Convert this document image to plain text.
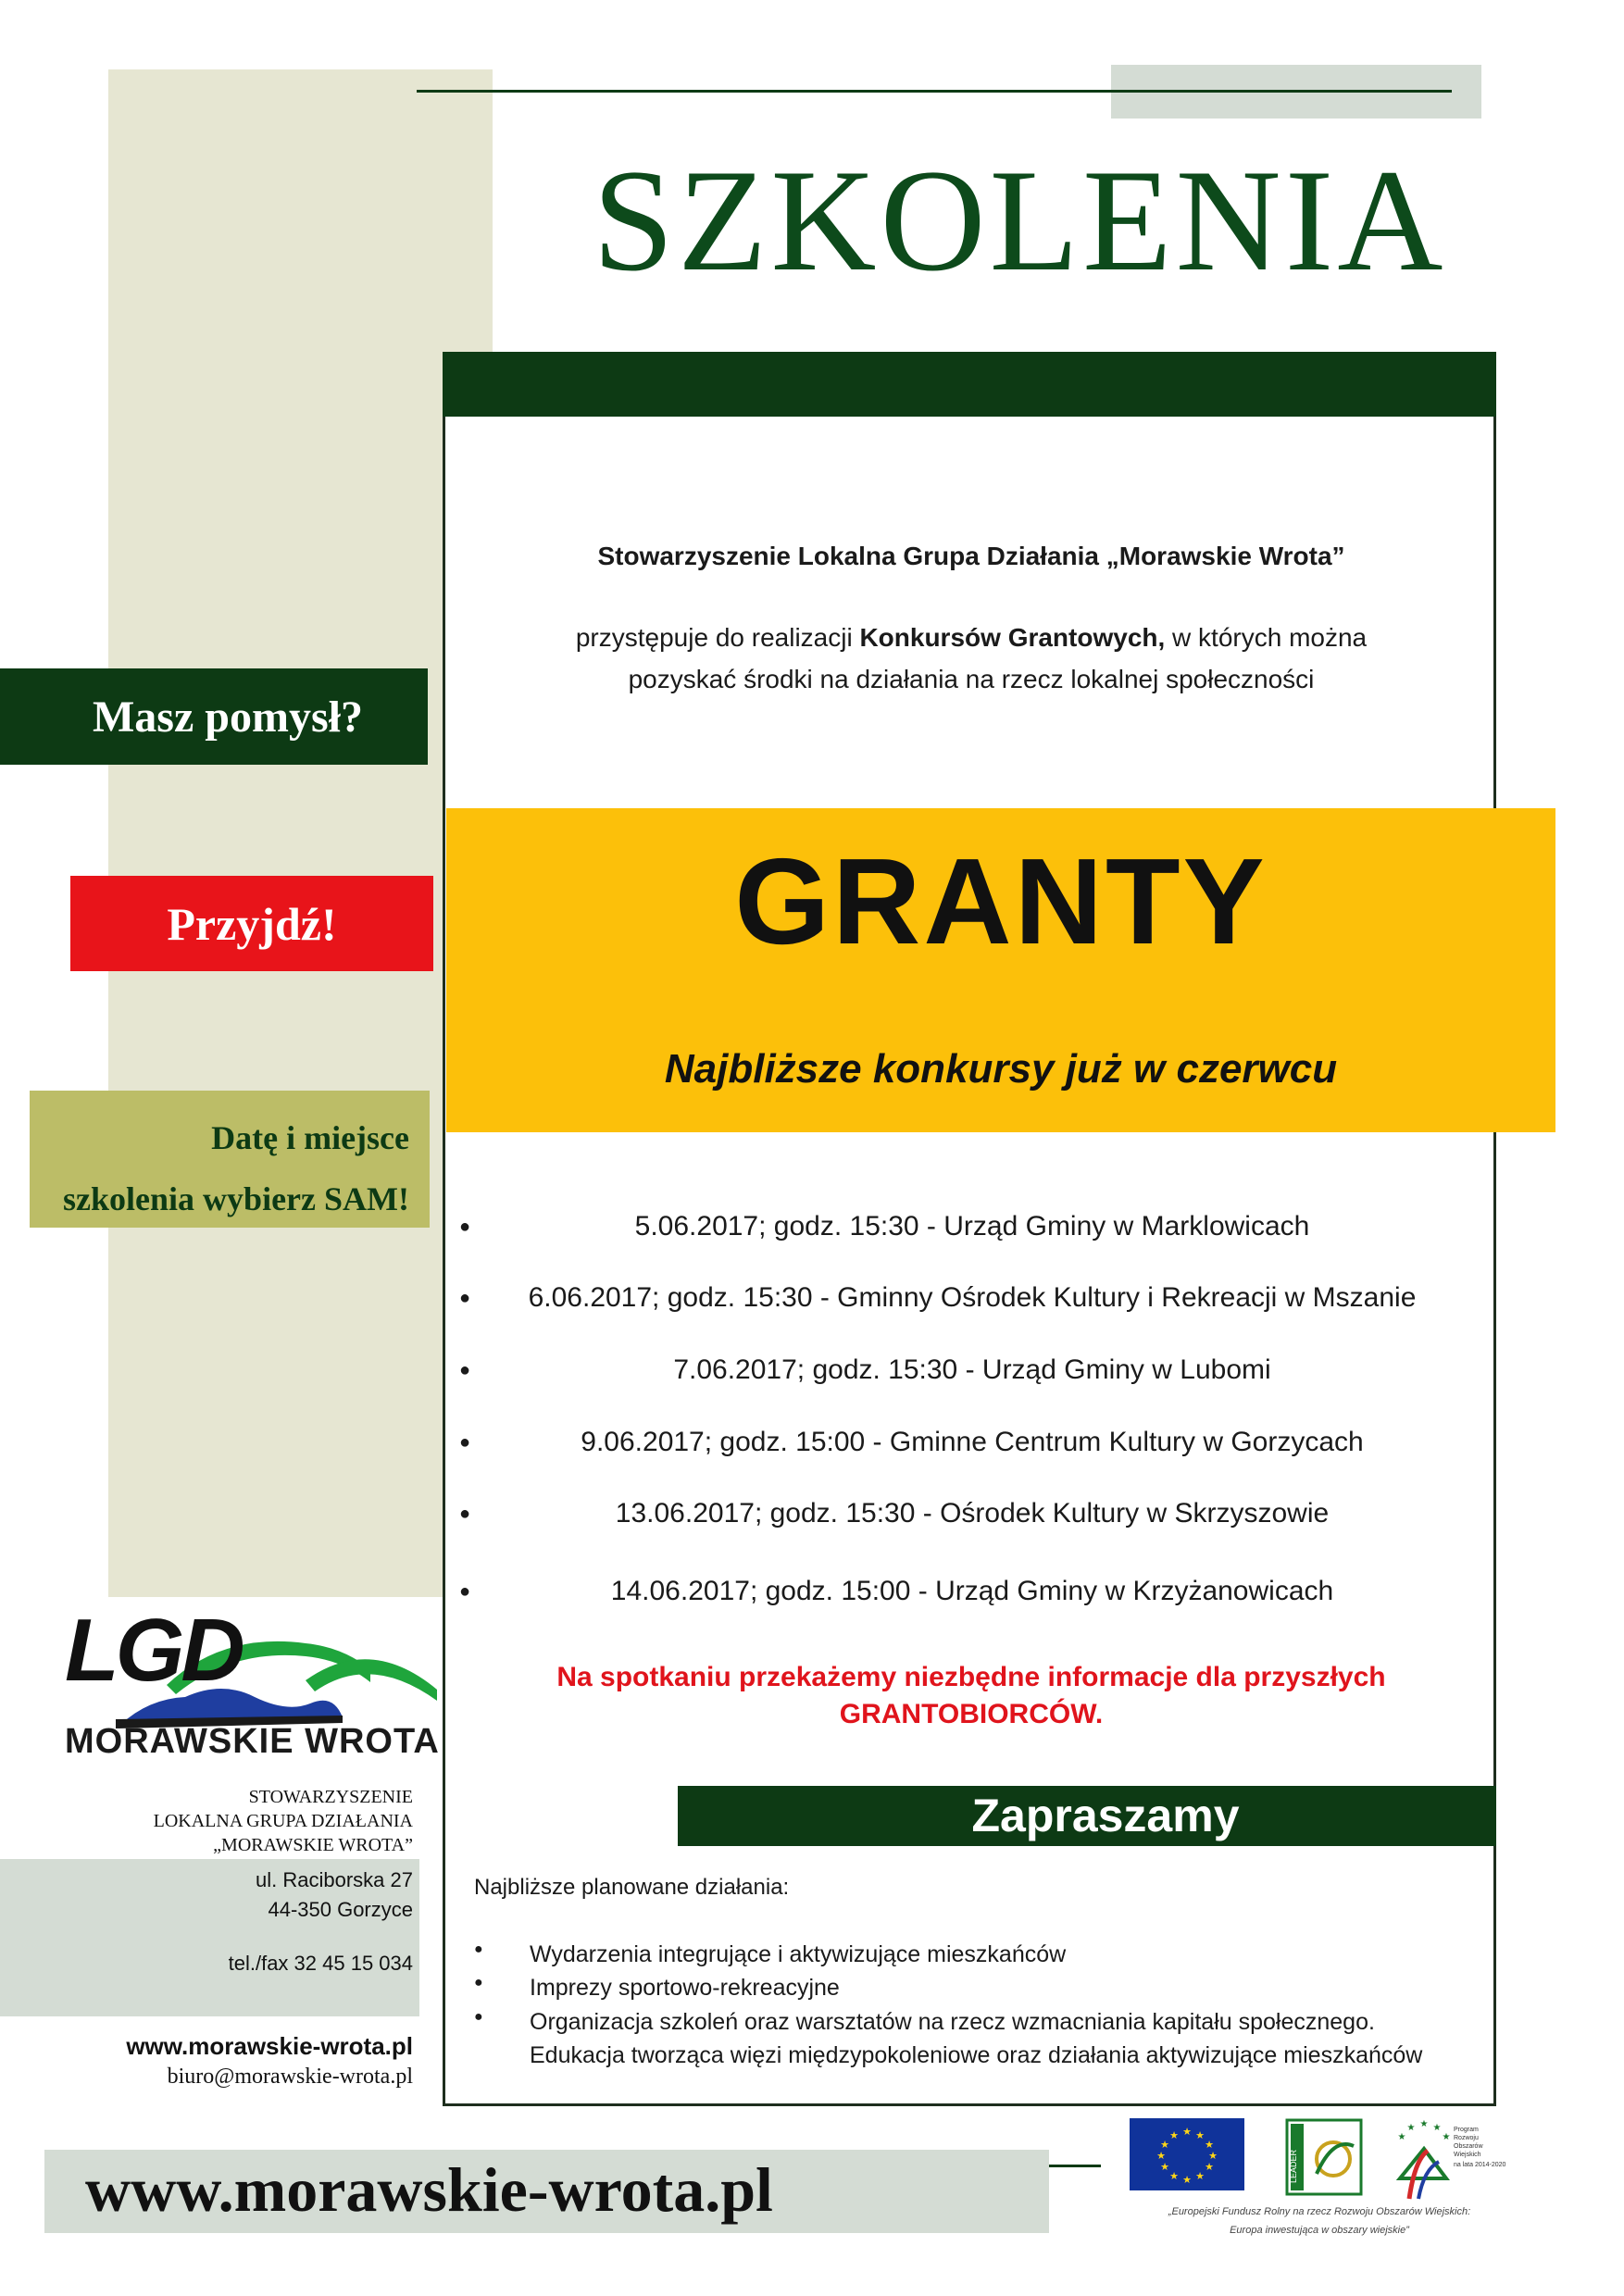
SZKOLENIA
Masz pomysł?
Przyjdź!
Datę i miejsce
szkolenia wybierz SAM!
Stowarzyszenie Lokalna Grupa Działania „Morawskie Wrota”
przystępuje do realizacji Konkursów Grantowych, w których można
pozyskać środki na działania na rzecz lokalnej społeczności
GRANTY
Najbliższe konkursy już w czerwcu
●	5.06.2017; godz. 15:30 - Urząd Gminy w Marklowicach
●	6.06.2017; godz. 15:30 - Gminny Ośrodek Kultury i Rekreacji w Mszanie
●	7.06.2017; godz. 15:30 - Urząd Gminy w Lubomi
●	9.06.2017; godz. 15:00 - Gminne Centrum Kultury w Gorzycach
●	13.06.2017; godz. 15:30 - Ośrodek Kultury w Skrzyszowie
●	14.06.2017; godz. 15:00 - Urząd Gminy w Krzyżanowicach
Na spotkaniu przekażemy niezbędne informacje dla przyszłych
GRANTOBIORCÓW.
Zapraszamy
Najbliższe planowane działania:
● Wydarzenia integrujące i aktywizujące mieszkańców
● Imprezy sportowo-rekreacyjne
● Organizacja szkoleń oraz warsztatów na rzecz wzmacniania kapitału społecznego.
Edukacja tworząca więzi międzypokoleniowe oraz działania aktywizujące mieszkańców
LGD
MORAWSKIE WROTA
STOWARZYSZENIE
LOKALNA GRUPA DZIAŁANIA
„MORAWSKIE WROTA”
ul. Raciborska 27
44-350 Gorzyce
tel./fax 32 45 15 034
www.morawskie-wrota.pl
biuro@morawskie-wrota.pl
www.morawskie-wrota.pl
★ ★
★
★
★
★
★
★
★
★
★
★
LEADER
★ ★
★
★
★
Program
Rozwoju
Obszarów
Wiejskich
na lata 2014-2020
„Europejski Fundusz Rolny na rzecz Rozwoju Obszarów Wiejskich:
Europa inwestująca w obszary wiejskie”
